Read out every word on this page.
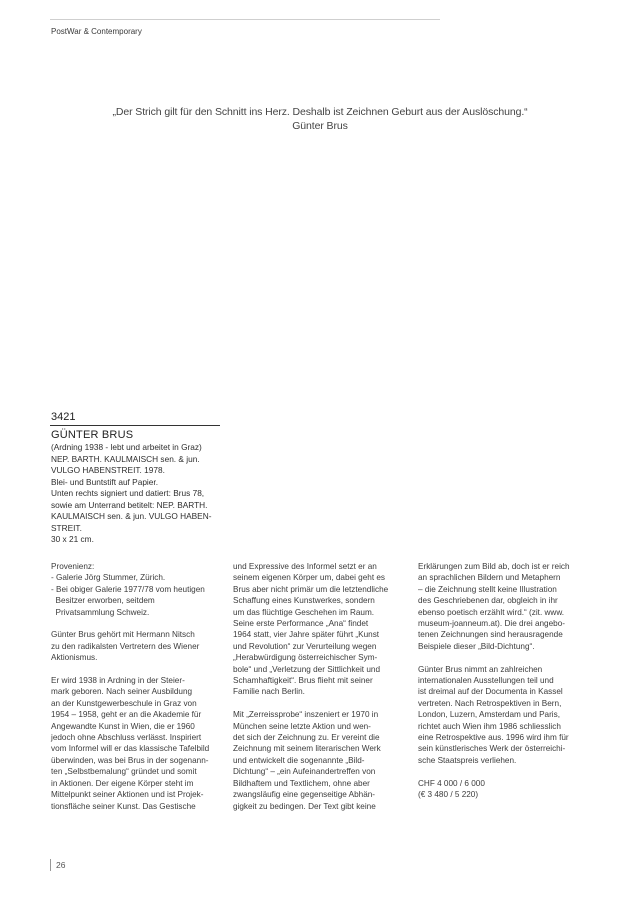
PostWar & Contemporary
„Der Strich gilt für den Schnitt ins Herz. Deshalb ist Zeichnen Geburt aus der Auslöschung.“
Günter Brus
3421
GÜNTER BRUS
(Ardning 1938 - lebt und arbeitet in Graz)
NEP. BARTH. KAULMAISCH sen. & jun.
VULGO HABENSTREIT. 1978.
Blei- und Buntstift auf Papier.
Unten rechts signiert und datiert: Brus 78,
sowie am Unterrand betitelt: NEP. BARTH.
KAULMAISCH sen. & jun. VULGO HABEN-
STREIT.
30 x 21 cm.
Provenienz:
- Galerie Jörg Stummer, Zürich.
- Bei obiger Galerie 1977/78 vom heutigen
Besitzer erworben, seitdem
Privatsammlung Schweiz.
Günter Brus gehört mit Hermann Nitsch
zu den radikalsten Vertretern des Wiener
Aktionismus.
Er wird 1938 in Ardning in der Steier-
mark geboren. Nach seiner Ausbildung
an der Kunstgewerbeschule in Graz von
1954 – 1958, geht er an die Akademie für
Angewandte Kunst in Wien, die er 1960
jedoch ohne Abschluss verlässt. Inspiriert
vom Informel will er das klassische Tafelbild
überwinden, was bei Brus in der sogenann-
ten „Selbstbemalung“ gründet und somit
in Aktionen. Der eigene Körper steht im
Mittelpunkt seiner Aktionen und ist Projek-
tionsfläche seiner Kunst. Das Gestische
und Expressive des Informel setzt er an
seinem eigenen Körper um, dabei geht es
Brus aber nicht primär um die letztendliche
Schaffung eines Kunstwerkes, sondern
um das flüchtige Geschehen im Raum.
Seine erste Performance „Ana“ findet
1964 statt, vier Jahre später führt „Kunst
und Revolution“ zur Verurteilung wegen
„Herabwürdigung österreichischer Sym-
bole“ und „Verletzung der Sittlichkeit und
Schamhaftigkeit“. Brus flieht mit seiner
Familie nach Berlin.
Mit „Zerreissprobe“ inszeniert er 1970 in
München seine letzte Aktion und wen-
det sich der Zeichnung zu. Er vereint die
Zeichnung mit seinem literarischen Werk
und entwickelt die sogenannte „Bild-
Dichtung“ – „ein Aufeinandertreffen von
Bildhaftem und Textlichem, ohne aber
zwangsläufig eine gegenseitige Abhän-
gigkeit zu bedingen. Der Text gibt keine
Erklärungen zum Bild ab, doch ist er reich
an sprachlichen Bildern und Metaphern
– die Zeichnung stellt keine Illustration
des Geschriebenen dar, obgleich in ihr
ebenso poetisch erzählt wird.“ (zit. www.
museum-joanneum.at). Die drei angebo-
tenen Zeichnungen sind herausragende
Beispiele dieser „Bild-Dichtung“.
Günter Brus nimmt an zahlreichen
internationalen Ausstellungen teil und
ist dreimal auf der Documenta in Kassel
vertreten. Nach Retrospektiven in Bern,
London, Luzern, Amsterdam und Paris,
richtet auch Wien ihm 1986 schliesslich
eine Retrospektive aus. 1996 wird ihm für
sein künstlerisches Werk der österreichi-
sche Staatspreis verliehen.
CHF 4 000 / 6 000
(€ 3 480 / 5 220)
26
